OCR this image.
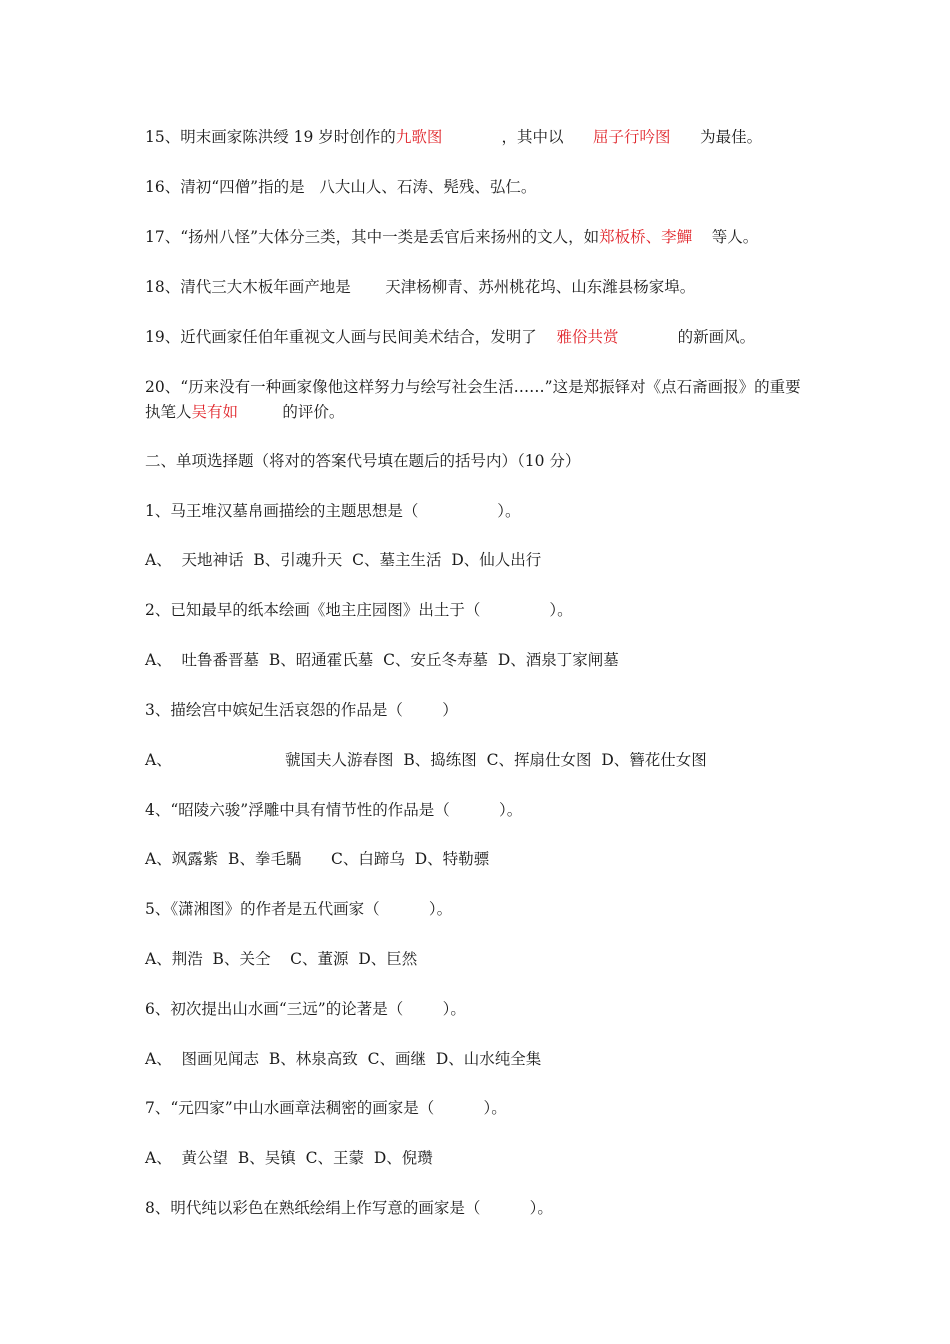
15、明末画家陈洪绶 19 岁时创作的九歌图            ，其中以      屈子行吟图      为最佳。
16、清初“四僧”指的是   八大山人、石涛、髡残、弘仁。
17、“扬州八怪”大体分三类，其中一类是丢官后来扬州的文人，如郑板桥、李鱓    等人。
18、清代三大木板年画产地是       天津杨柳青、苏州桃花坞、山东潍县杨家埠。
19、近代画家任伯年重视文人画与民间美术结合，发明了    雅俗共赏            的新画风。
20、“历来没有一种画家像他这样努力与绘写社会生活……”这是郑振铎对《点石斋画报》的重要执笔人吴有如         的评价。
二、单项选择题（将对的答案代号填在题后的括号内）（10 分）
1、马王堆汉墓帛画描绘的主题思想是（                ）。
A、  天地神话  B、引魂升天  C、墓主生活  D、仙人出行
2、已知最早的纸本绘画《地主庄园图》出土于（              ）。
A、  吐鲁番晋墓  B、昭通霍氏墓  C、安丘冬寿墓  D、酒泉丁家闸墓
3、描绘宫中嫔妃生活哀怨的作品是（        ）
A、                       虢国夫人游春图  B、捣练图  C、挥扇仕女图  D、簪花仕女图
4、“昭陵六骏”浮雕中具有情节性的作品是（          ）。
A、飒露紫  B、拳毛騧      C、白蹄乌  D、特勒骠
5、《潇湘图》的作者是五代画家（          ）。
A、荆浩  B、关仝    C、董源  D、巨然
6、初次提出山水画“三远”的论著是（        ）。
A、  图画见闻志  B、林泉高致  C、画继  D、山水纯全集
7、“元四家”中山水画章法稠密的画家是（          ）。
A、  黄公望  B、吴镇  C、王蒙  D、倪瓒
8、明代纯以彩色在熟纸绘绢上作写意的画家是（          ）。
